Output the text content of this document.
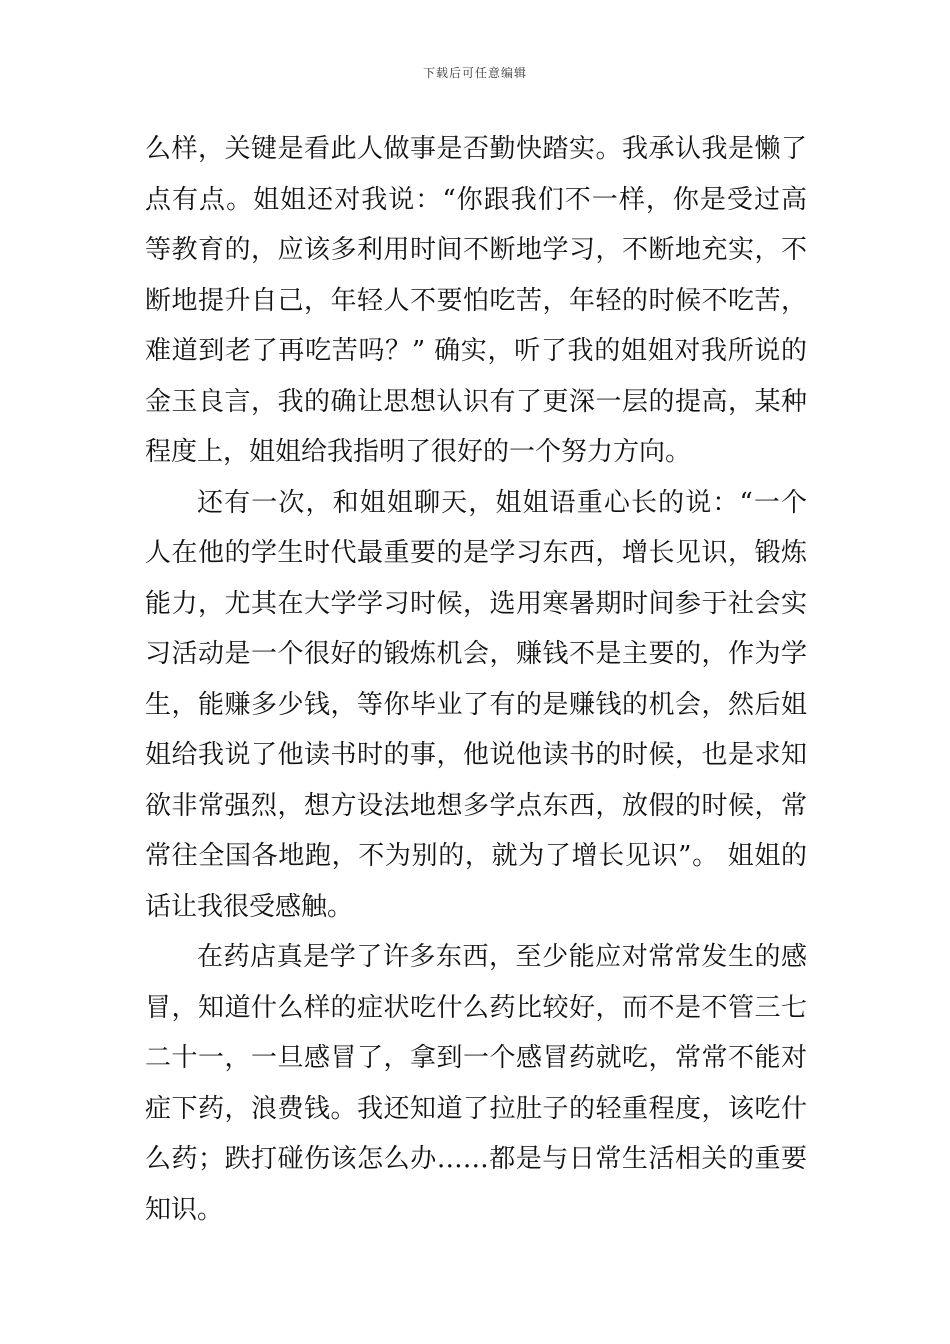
下载后可任意编辑

么样，关键是看此人做事是否勤快踏实。我承认我是懒了点有点。姐姐还对我说：“你跟我们不一样，你是受过高等教育的，应该多利用时间不断地学习，不断地充实，不断地提升自己，年轻人不要怕吃苦，年轻的时候不吃苦，难道到老了再吃苦吗？” 确实，听了我的姐姐对我所说的金玉良言，我的确让思想认识有了更深一层的提高，某种程度上，姐姐给我指明了很好的一个努力方向。

还有一次，和姐姐聊天，姐姐语重心长的说：“一个人在他的学生时代最重要的是学习东西，增长见识，锻炼能力，尤其在大学学习时候，选用寒暑期时间参于社会实习活动是一个很好的锻炼机会，赚钱不是主要的，作为学生，能赚多少钱，等你毕业了有的是赚钱的机会，然后姐姐给我说了他读书时的事，他说他读书的时候，也是求知欲非常强烈，想方设法地想多学点东西，放假的时候，常常往全国各地跑，不为别的，就为了增长见识”。 姐姐的话让我很受感触。

在药店真是学了许多东西，至少能应对常常发生的感冒，知道什么样的症状吃什么药比较好，而不是不管三七二十一，一旦感冒了，拿到一个感冒药就吃，常常不能对症下药，浪费钱。我还知道了拉肚子的轻重程度，该吃什么药；跌打碰伤该怎么办……都是与日常生活相关的重要知识。
